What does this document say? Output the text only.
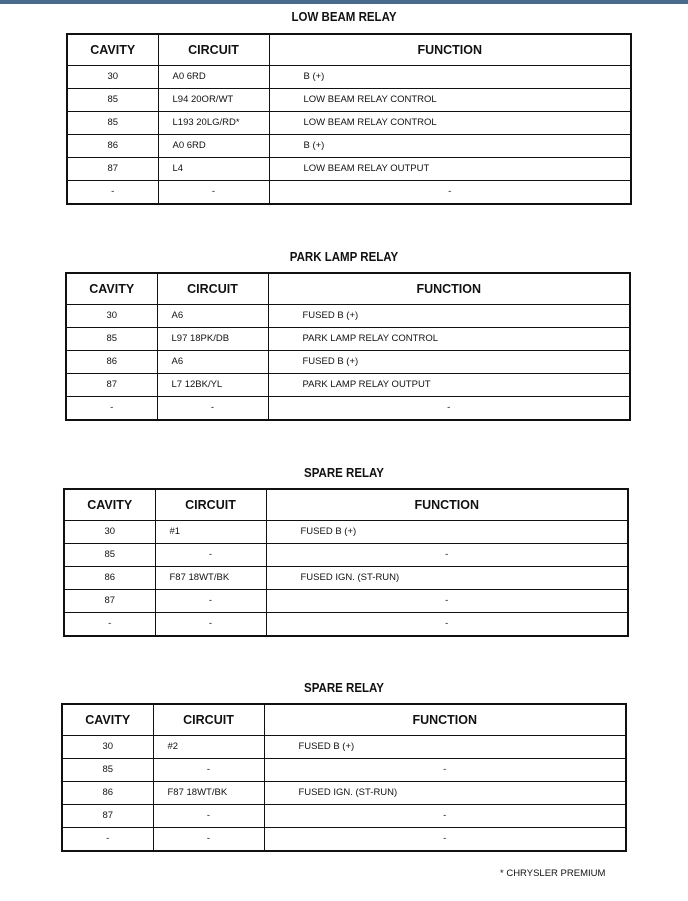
LOW BEAM RELAY
CAVITY	CIRCUIT	FUNCTION
30	A0 6RD	B (+)
85	L94 20OR/WT	LOW BEAM RELAY CONTROL
85	L193 20LG/RD*	LOW BEAM RELAY CONTROL
86	A0 6RD	B (+)
87	L4	LOW BEAM RELAY OUTPUT
-	-	-
PARK LAMP RELAY
CAVITY	CIRCUIT	FUNCTION
30	A6	FUSED B (+)
85	L97 18PK/DB	PARK LAMP RELAY CONTROL
86	A6	FUSED B (+)
87	L7 12BK/YL	PARK LAMP RELAY OUTPUT
-	-	-
SPARE RELAY
CAVITY	CIRCUIT	FUNCTION
30	#1	FUSED B (+)
85	-	-
86	F87 18WT/BK	FUSED IGN. (ST-RUN)
87	-	-
-	-	-
SPARE RELAY
CAVITY	CIRCUIT	FUNCTION
30	#2	FUSED B (+)
85	-	-
86	F87 18WT/BK	FUSED IGN. (ST-RUN)
87	-	-
-	-	-
* CHRYSLER PREMIUM
